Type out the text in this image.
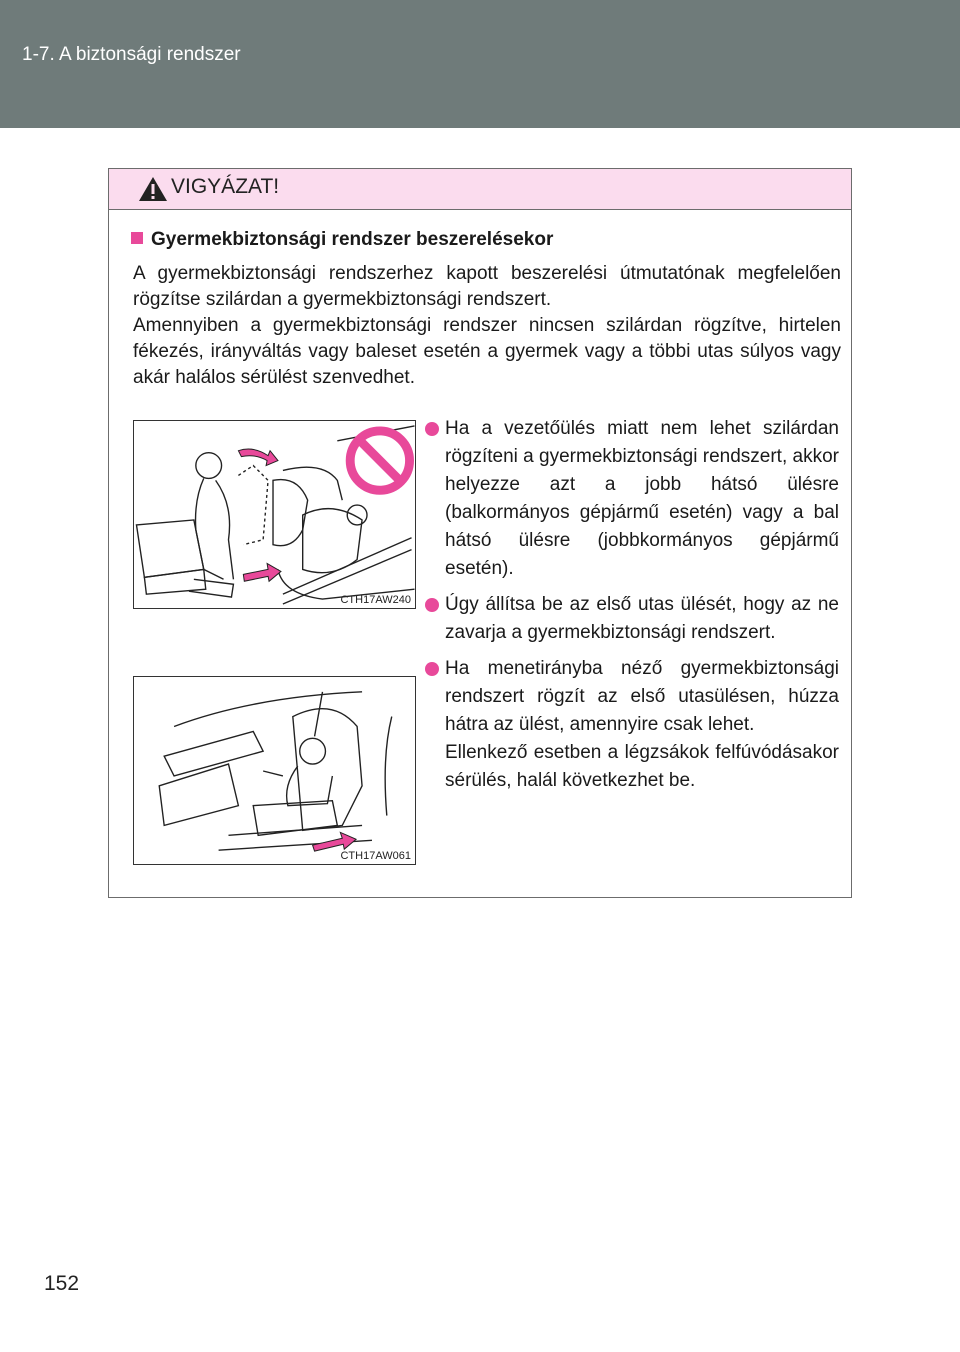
1-7. A biztonsági rendszer
VIGYÁZAT!
Gyermekbiztonsági rendszer beszerelésekor
A gyermekbiztonsági rendszerhez kapott beszerelési útmutatónak megfelelően rögzítse szilárdan a gyermekbiztonsági rendszert.
Amennyiben a gyermekbiztonsági rendszer nincsen szilárdan rögzítve, hirtelen fékezés, irányváltás vagy baleset esetén a gyermek vagy a többi utas súlyos vagy akár halálos sérülést szenvedhet.
CTH17AW240
CTH17AW061
Ha a vezetőülés miatt nem lehet szilárdan rögzíteni a gyermekbiztonsági rendszert, akkor helyezze azt a jobb hátsó ülésre (balkormányos gépjármű esetén) vagy a bal hátsó ülésre (jobbkormányos gépjármű esetén).
Úgy állítsa be az első utas ülését, hogy az ne zavarja a gyermekbiztonsági rendszert.
Ha menetirányba néző gyermekbiztonsági rendszert rögzít az első utasülésen, húzza hátra az ülést, amennyire csak lehet.
Ellenkező esetben a légzsákok felfúvódásakor sérülés, halál következhet be.
152
